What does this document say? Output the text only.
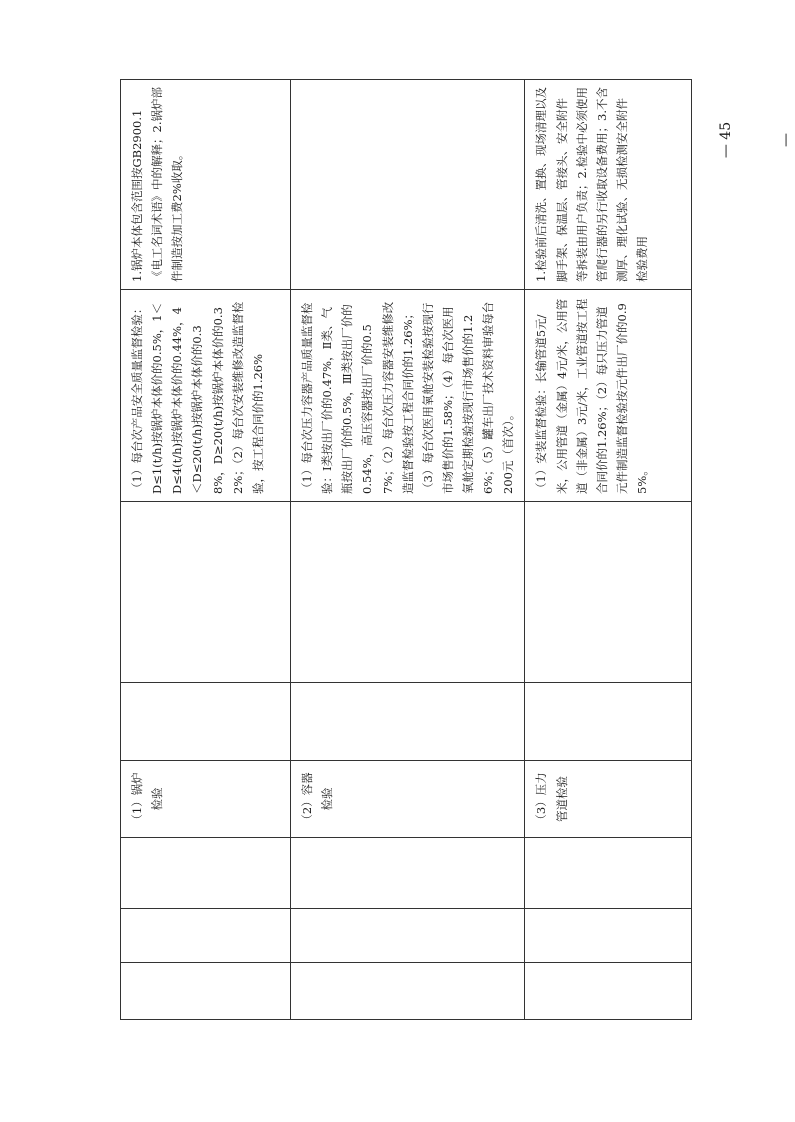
			（1）锅炉检验			（1）每台次产品安全质量监督检验：D≤1(t/h)按锅炉本体价的0.5%，1＜D≤4(t/h)按锅炉本体价的0.44%，4＜D≤20(t/h)按锅炉本体价的0.38%，D≥20(t/h)按锅炉本体价的0.32%；（2）每台次安装维修改造监督检验，按工程合同价的1.26%	1.锅炉本体包含范围按GB2900.1《电工名词术语》中的解释；2.锅炉部件制造按加工费2%收取。
			（2）容器检验			（1）每台次压力容器产品质量监督检验：Ⅰ类按出厂价的0.47%，Ⅱ类、气瓶按出厂价的0.5%，Ⅲ类按出厂价的0.54%，高压容器按出厂价的0.57%；（2）每台次压力容器安装维修改造监督检验按工程合同价的1.26%；（3）每台次医用氧舱安装检验按现行市场售价的1.58%；（4）每台次医用氧舱定期检验按现行市场售价的1.26%；（5）罐车出厂技术资料审验每台200元（首次）。	
			（3）压力管道检验			（1）安装监督检验：长输管道5元/米，公用管道（金属）4元/米，公用管道（非金属）3元/米，工业管道按工程合同价的1.26%；（2）每只压力管道元件制造监督检验按元件出厂价的0.95%。	1.检验前后清洗、置换、现场清理以及脚手架、保温层、管接头、安全附件等拆装由用户负责；2.检验中必须使用管爬行器的另行收取设备费用；3.不含测厚、理化试验、无损检测安全附件检验费用
— 45 —
